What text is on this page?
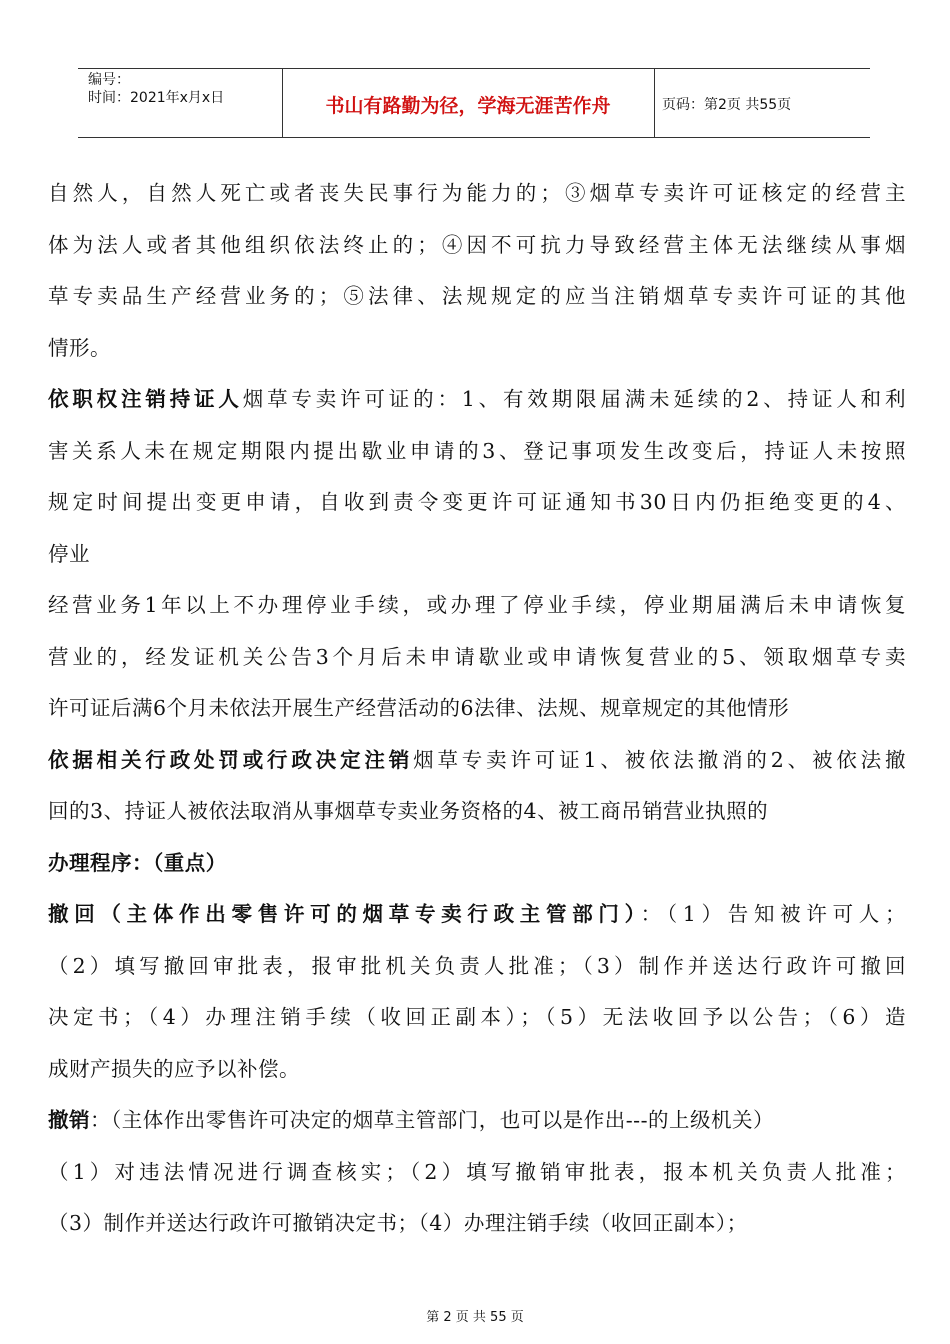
编号：
时间：2021年x月x日	书山有路勤为径，学海无涯苦作舟	页码：第2页 共55页
自然人，自然人死亡或者丧失民事行为能力的；③烟草专卖许可证核定的经营主
体为法人或者其他组织依法终止的；④因不可抗力导致经营主体无法继续从事烟
草专卖品生产经营业务的；⑤法律、法规规定的应当注销烟草专卖许可证的其他
情形。
依职权注销持证人烟草专卖许可证的：1、有效期限届满未延续的2、持证人和利
害关系人未在规定期限内提出歇业申请的3、登记事项发生改变后，持证人未按照
规定时间提出变更申请，自收到责令变更许可证通知书30日内仍拒绝变更的4、
停业
经营业务1年以上不办理停业手续，或办理了停业手续，停业期届满后未申请恢复
营业的，经发证机关公告3个月后未申请歇业或申请恢复营业的5、领取烟草专卖
许可证后满6个月未依法开展生产经营活动的6法律、法规、规章规定的其他情形
依据相关行政处罚或行政决定注销烟草专卖许可证1、被依法撤消的2、被依法撤
回的3、持证人被依法取消从事烟草专卖业务资格的4、被工商吊销营业执照的
办理程序：（重点）
撤回（主体作出零售许可的烟草专卖行政主管部门）：（1）告知被许可人；
（2）填写撤回审批表，报审批机关负责人批准；（3）制作并送达行政许可撤回
决定书；（4）办理注销手续（收回正副本）；（5）无法收回予以公告；（6）造
成财产损失的应予以补偿。
撤销：（主体作出零售许可决定的烟草主管部门，也可以是作出---的上级机关）
（1）对违法情况进行调查核实；（2）填写撤销审批表，报本机关负责人批准；
（3）制作并送达行政许可撤销决定书；（4）办理注销手续（收回正副本）；
第 2 页 共 55 页
